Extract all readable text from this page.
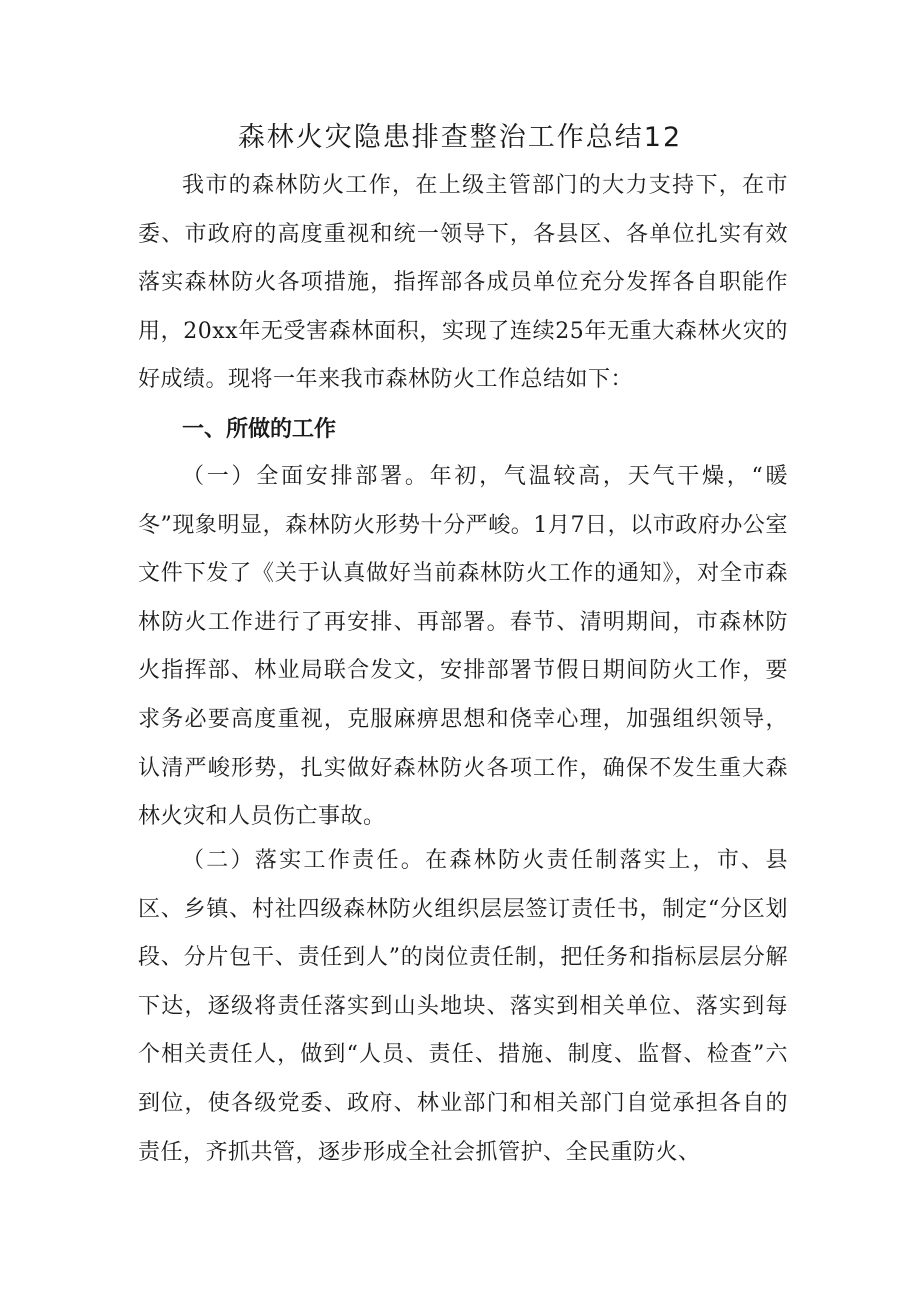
森林火灾隐患排查整治工作总结12

我市的森林防火工作，在上级主管部门的大力支持下，在市委、市政府的高度重视和统一领导下，各县区、各单位扎实有效落实森林防火各项措施，指挥部各成员单位充分发挥各自职能作用，20xx年无受害森林面积，实现了连续25年无重大森林火灾的好成绩。现将一年来我市森林防火工作总结如下：

一、所做的工作

（一）全面安排部署。年初，气温较高，天气干燥，“暖冬”现象明显，森林防火形势十分严峻。1月7日，以市政府办公室文件下发了《关于认真做好当前森林防火工作的通知》，对全市森林防火工作进行了再安排、再部署。春节、清明期间，市森林防火指挥部、林业局联合发文，安排部署节假日期间防火工作，要求务必要高度重视，克服麻痹思想和侥幸心理，加强组织领导，认清严峻形势，扎实做好森林防火各项工作，确保不发生重大森林火灾和人员伤亡事故。

（二）落实工作责任。在森林防火责任制落实上，市、县区、乡镇、村社四级森林防火组织层层签订责任书，制定“分区划段、分片包干、责任到人”的岗位责任制，把任务和指标层层分解下达，逐级将责任落实到山头地块、落实到相关单位、落实到每个相关责任人，做到“人员、责任、措施、制度、监督、检查”六到位，使各级党委、政府、林业部门和相关部门自觉承担各自的责任，齐抓共管，逐步形成全社会抓管护、全民重防火、
